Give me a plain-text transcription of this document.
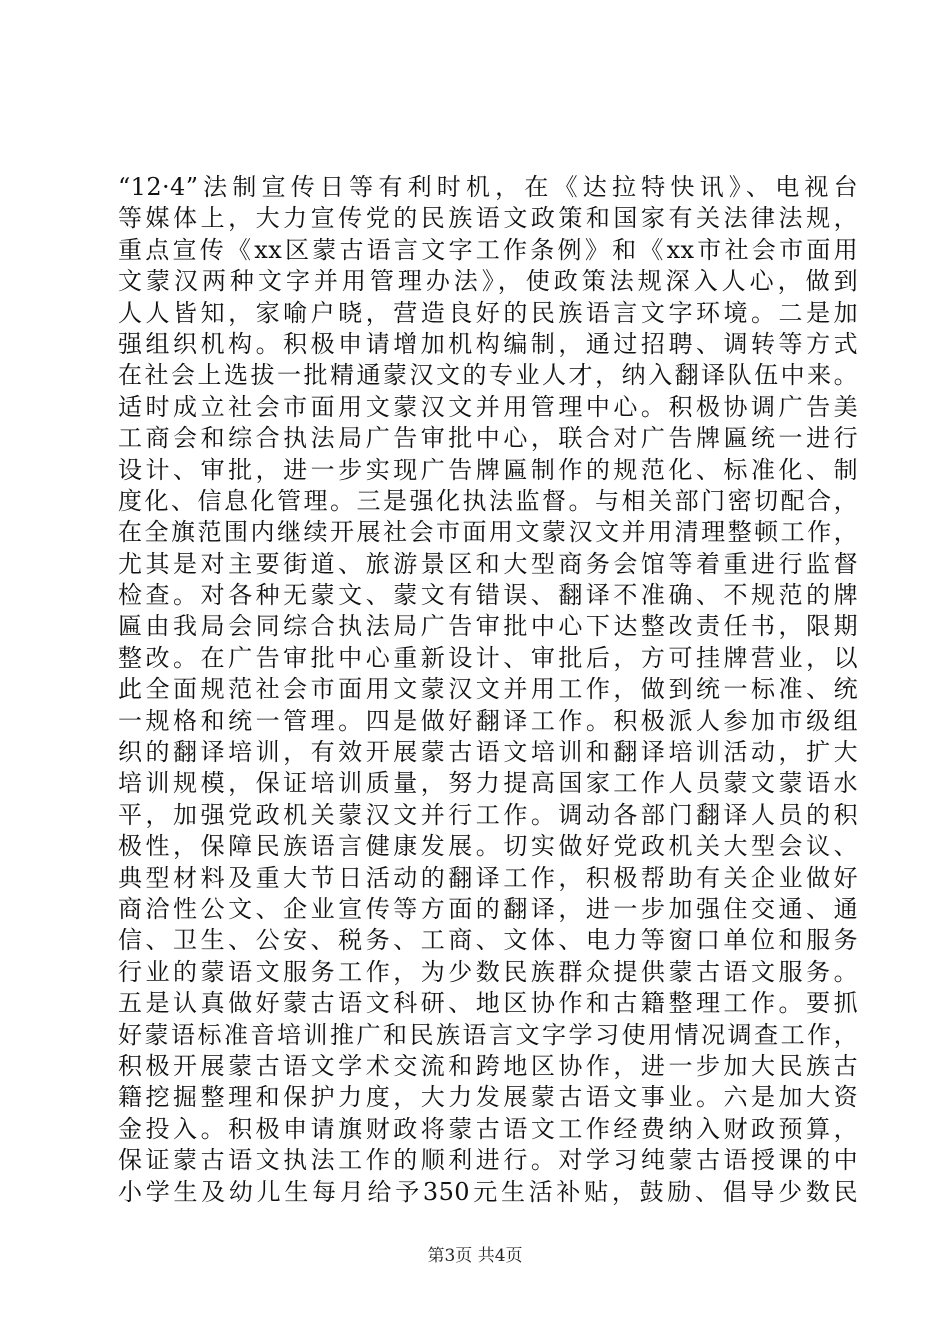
“12·4”法制宣传日等有利时机，在《达拉特快讯》、电视台
等媒体上，大力宣传党的民族语文政策和国家有关法律法规，
重点宣传《xx区蒙古语言文字工作条例》和《xx市社会市面用
文蒙汉两种文字并用管理办法》，使政策法规深入人心，做到
人人皆知，家喻户晓，营造良好的民族语言文字环境。二是加
强组织机构。积极申请增加机构编制，通过招聘、调转等方式
在社会上选拔一批精通蒙汉文的专业人才，纳入翻译队伍中来。
适时成立社会市面用文蒙汉文并用管理中心。积极协调广告美
工商会和综合执法局广告审批中心，联合对广告牌匾统一进行
设计、审批，进一步实现广告牌匾制作的规范化、标准化、制
度化、信息化管理。三是强化执法监督。与相关部门密切配合，
在全旗范围内继续开展社会市面用文蒙汉文并用清理整顿工作，
尤其是对主要街道、旅游景区和大型商务会馆等着重进行监督
检查。对各种无蒙文、蒙文有错误、翻译不准确、不规范的牌
匾由我局会同综合执法局广告审批中心下达整改责任书，限期
整改。在广告审批中心重新设计、审批后，方可挂牌营业，以
此全面规范社会市面用文蒙汉文并用工作，做到统一标准、统
一规格和统一管理。四是做好翻译工作。积极派人参加市级组
织的翻译培训，有效开展蒙古语文培训和翻译培训活动，扩大
培训规模，保证培训质量，努力提高国家工作人员蒙文蒙语水
平，加强党政机关蒙汉文并行工作。调动各部门翻译人员的积
极性，保障民族语言健康发展。切实做好党政机关大型会议、
典型材料及重大节日活动的翻译工作，积极帮助有关企业做好
商洽性公文、企业宣传等方面的翻译，进一步加强住交通、通
信、卫生、公安、税务、工商、文体、电力等窗口单位和服务
行业的蒙语文服务工作，为少数民族群众提供蒙古语文服务。
五是认真做好蒙古语文科研、地区协作和古籍整理工作。要抓
好蒙语标准音培训推广和民族语言文字学习使用情况调查工作，
积极开展蒙古语文学术交流和跨地区协作，进一步加大民族古
籍挖掘整理和保护力度，大力发展蒙古语文事业。六是加大资
金投入。积极申请旗财政将蒙古语文工作经费纳入财政预算，
保证蒙古语文执法工作的顺利进行。对学习纯蒙古语授课的中
小学生及幼儿生每月给予350元生活补贴，鼓励、倡导少数民
第3页 共4页
